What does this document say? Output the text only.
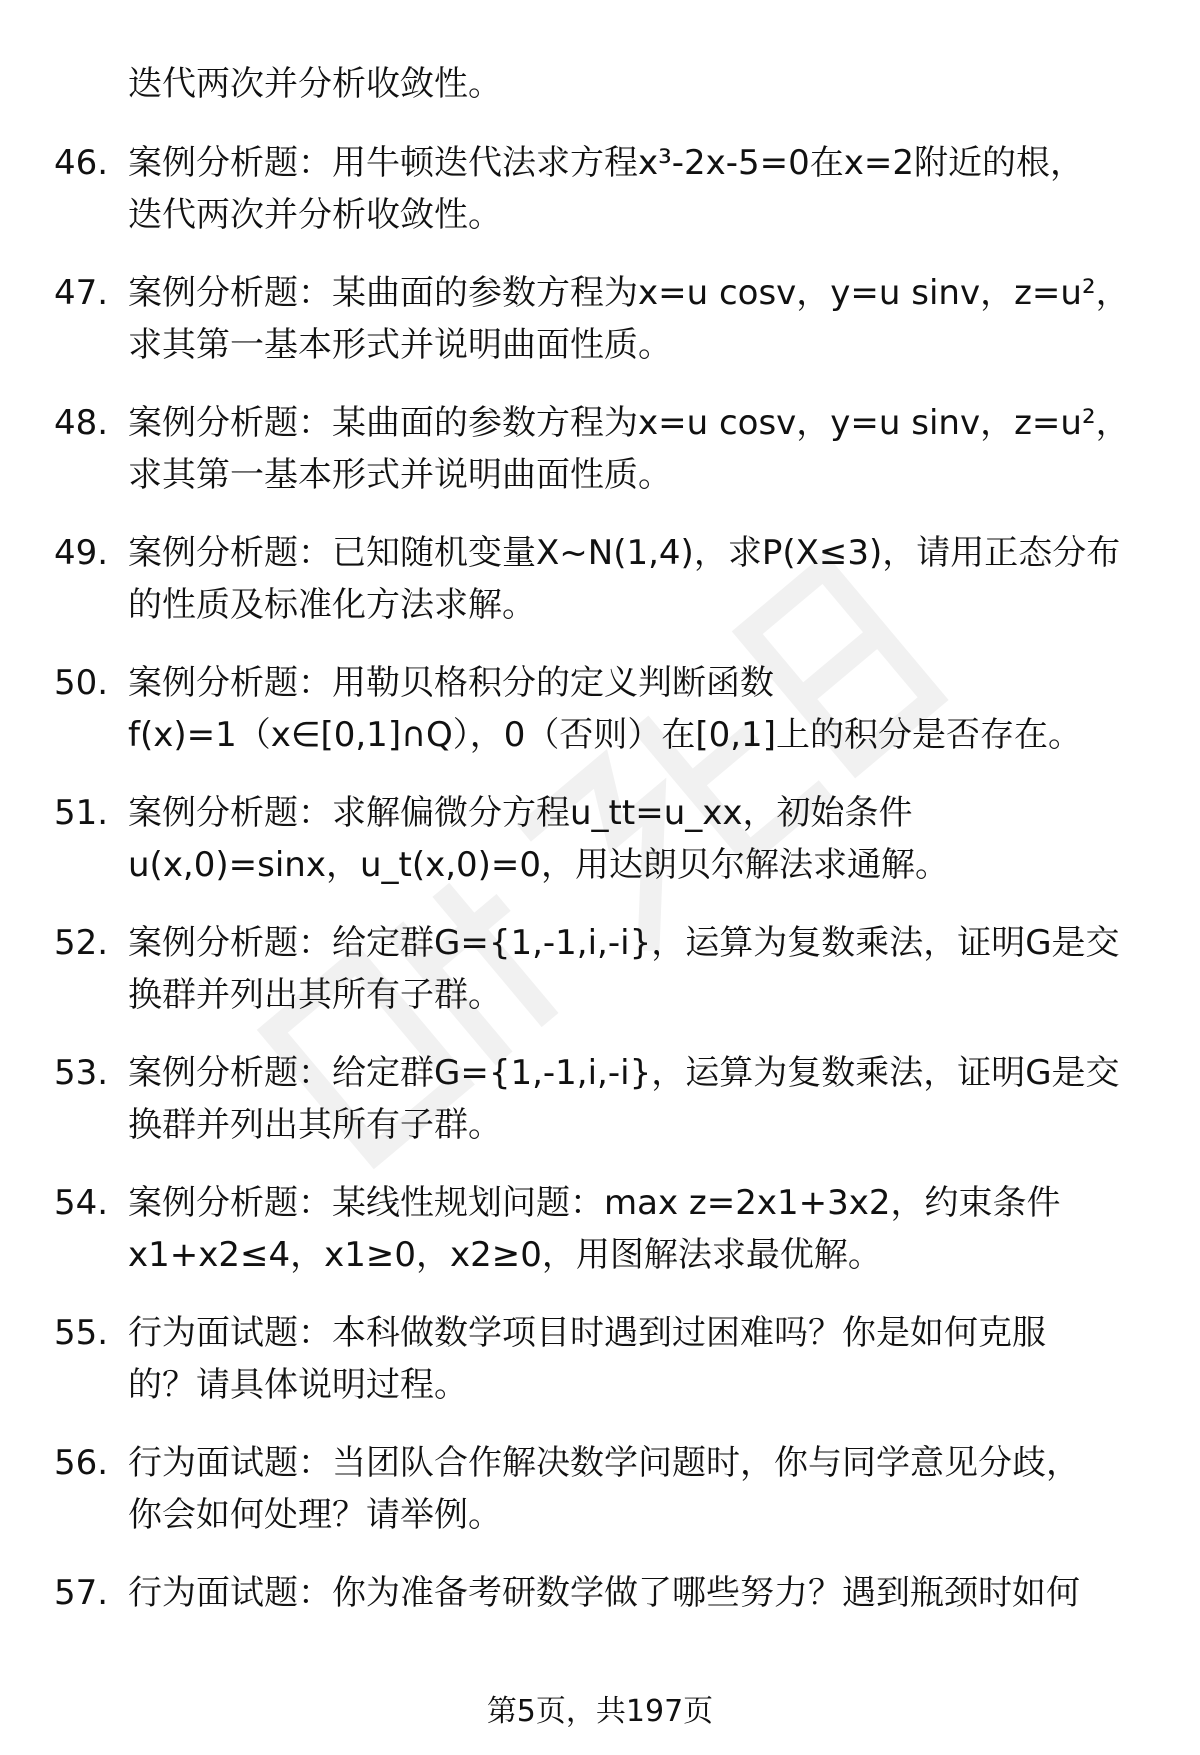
迭代两次并分析收敛性。

46. 案例分析题：用牛顿迭代法求方程x³-2x-5=0在x=2附近的根，
迭代两次并分析收敛性。
47. 案例分析题：某曲面的参数方程为x=u cosv，y=u sinv，z=u²，
求其第一基本形式并说明曲面性质。
48. 案例分析题：某曲面的参数方程为x=u cosv，y=u sinv，z=u²，
求其第一基本形式并说明曲面性质。
49. 案例分析题：已知随机变量X~N(1,4)，求P(X≤3)，请用正态分布
的性质及标准化方法求解。
50. 案例分析题：用勒贝格积分的定义判断函数
f(x)=1（x∈[0,1]∩Q），0（否则）在[0,1]上的积分是否存在。
51. 案例分析题：求解偏微分方程u_tt=u_xx，初始条件
u(x,0)=sinx，u_t(x,0)=0，用达朗贝尔解法求通解。
52. 案例分析题：给定群G={1,-1,i,-i}，运算为复数乘法，证明G是交
换群并列出其所有子群。
53. 案例分析题：给定群G={1,-1,i,-i}，运算为复数乘法，证明G是交
换群并列出其所有子群。
54. 案例分析题：某线性规划问题：max z=2x1+3x2，约束条件
x1+x2≤4，x1≥0，x2≥0，用图解法求最优解。
55. 行为面试题：本科做数学项目时遇到过困难吗？你是如何克服
的？请具体说明过程。
56. 行为面试题：当团队合作解决数学问题时，你与同学意见分歧，
你会如何处理？请举例。
57. 行为面试题：你为准备考研数学做了哪些努力？遇到瓶颈时如何
第5页，共197页
